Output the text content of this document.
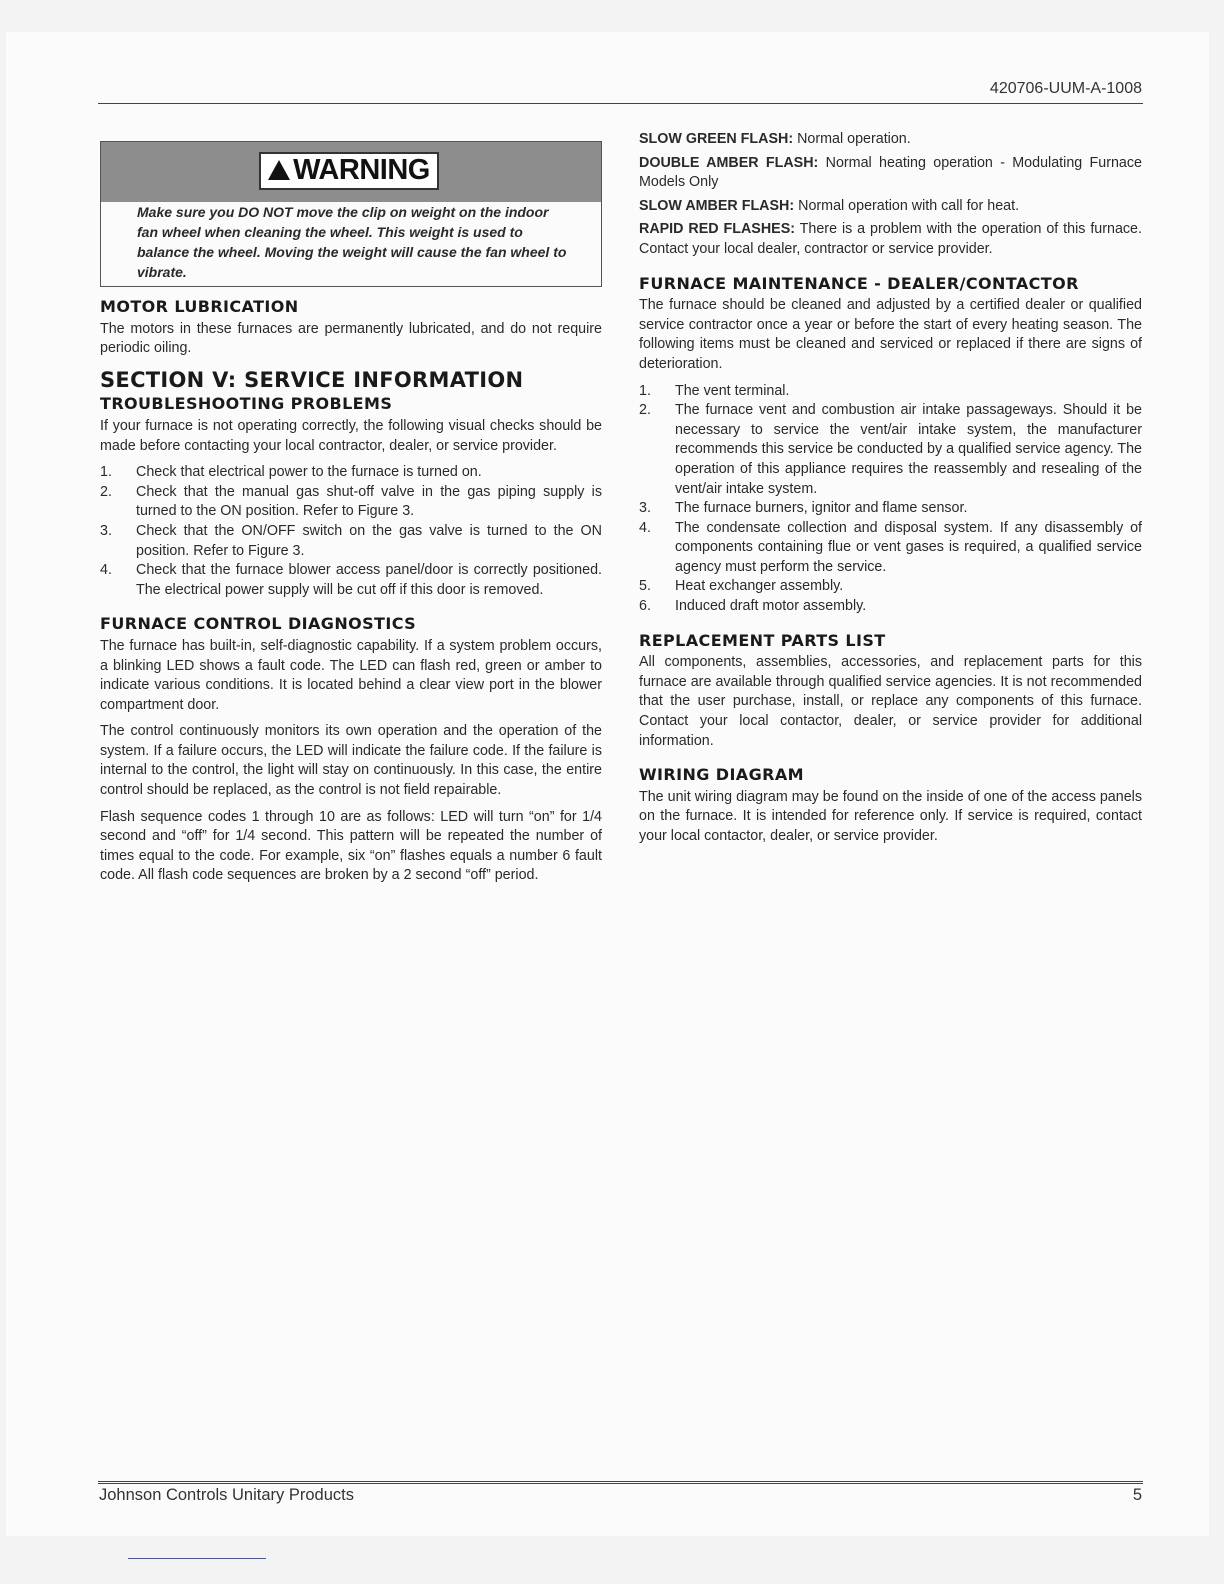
420706-UUM-A-1008
WARNING

Make sure you DO NOT move the clip on weight on the indoor fan wheel when cleaning the wheel. This weight is used to balance the wheel. Moving the weight will cause the fan wheel to vibrate.

MOTOR LUBRICATION

The motors in these furnaces are permanently lubricated, and do not require periodic oiling.

SECTION V: SERVICE INFORMATION
TROUBLESHOOTING PROBLEMS

If your furnace is not operating correctly, the following visual checks should be made before contacting your local contractor, dealer, or service provider.

1.	Check that electrical power to the furnace is turned on.
2.	Check that the manual gas shut-off valve in the gas piping supply is turned to the ON position. Refer to Figure 3.
3.	Check that the ON/OFF switch on the gas valve is turned to the ON position. Refer to Figure 3.
4.	Check that the furnace blower access panel/door is correctly positioned. The electrical power supply will be cut off if this door is removed.
FURNACE CONTROL DIAGNOSTICS

The furnace has built-in, self-diagnostic capability. If a system problem occurs, a blinking LED shows a fault code. The LED can flash red, green or amber to indicate various conditions. It is located behind a clear view port in the blower compartment door.

The control continuously monitors its own operation and the operation of the system. If a failure occurs, the LED will indicate the failure code. If the failure is internal to the control, the light will stay on continuously. In this case, the entire control should be replaced, as the control is not field repairable.

Flash sequence codes 1 through 10 are as follows: LED will turn “on” for 1/4 second and “off” for 1/4 second. This pattern will be repeated the number of times equal to the code. For example, six “on” flashes equals a number 6 fault code. All flash code sequences are broken by a 2 second “off” period.

SLOW GREEN FLASH: Normal operation.

DOUBLE AMBER FLASH: Normal heating operation - Modulating Furnace Models Only

SLOW AMBER FLASH: Normal operation with call for heat.

RAPID RED FLASHES: There is a problem with the operation of this furnace. Contact your local dealer, contractor or service provider.

FURNACE MAINTENANCE - DEALER/CONTACTOR

The furnace should be cleaned and adjusted by a certified dealer or qualified service contractor once a year or before the start of every heating season. The following items must be cleaned and serviced or replaced if there are signs of deterioration.

1.	The vent terminal.
2.	The furnace vent and combustion air intake passageways. Should it be necessary to service the vent/air intake system, the manufacturer recommends this service be conducted by a qualified service agency. The operation of this appliance requires the reassembly and resealing of the vent/air intake system.
3.	The furnace burners, ignitor and flame sensor.
4.	The condensate collection and disposal system. If any disassembly of components containing flue or vent gases is required, a qualified service agency must perform the service.
5.	Heat exchanger assembly.
6.	Induced draft motor assembly.
REPLACEMENT PARTS LIST

All components, assemblies, accessories, and replacement parts for this furnace are available through qualified service agencies. It is not recommended that the user purchase, install, or replace any components of this furnace. Contact your local contactor, dealer, or service provider for additional information.

WIRING DIAGRAM

The unit wiring diagram may be found on the inside of one of the access panels on the furnace. It is intended for reference only. If service is required, contact your local contactor, dealer, or service provider.

Johnson Controls Unitary Products	5
